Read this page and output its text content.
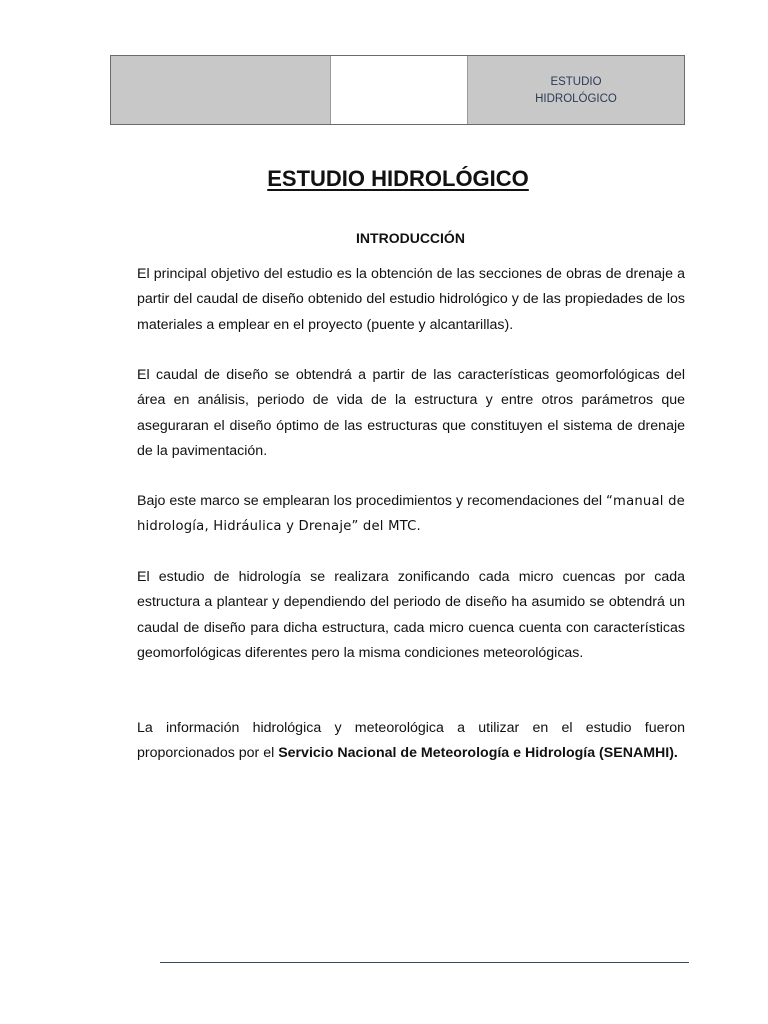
ESTUDIO
HIDROLÓGICO
ESTUDIO HIDROLÓGICO
INTRODUCCIÓN

El principal objetivo del estudio es la obtención de las secciones de obras de drenaje a partir del caudal de diseño obtenido del estudio hidrológico y de las propiedades de los materiales a emplear en el proyecto (puente y alcantarillas).

El caudal de diseño se obtendrá a partir de las características geomorfológicas del área en análisis, periodo de vida de la estructura y entre otros parámetros que aseguraran el diseño óptimo de las estructuras que constituyen el sistema de drenaje de la pavimentación.

Bajo este marco se emplearan los procedimientos y recomendaciones del “manual de hidrología, Hidráulica y Drenaje” del MTC.

El estudio de hidrología se realizara zonificando cada micro cuencas por cada estructura a plantear y dependiendo del periodo de diseño ha asumido se obtendrá un caudal de diseño para dicha estructura, cada micro cuenca cuenta con características geomorfológicas diferentes pero la misma condiciones meteorológicas.

La información hidrológica y meteorológica a utilizar en el estudio fueron proporcionados por el Servicio Nacional de Meteorología e Hidrología (SENAMHI).
